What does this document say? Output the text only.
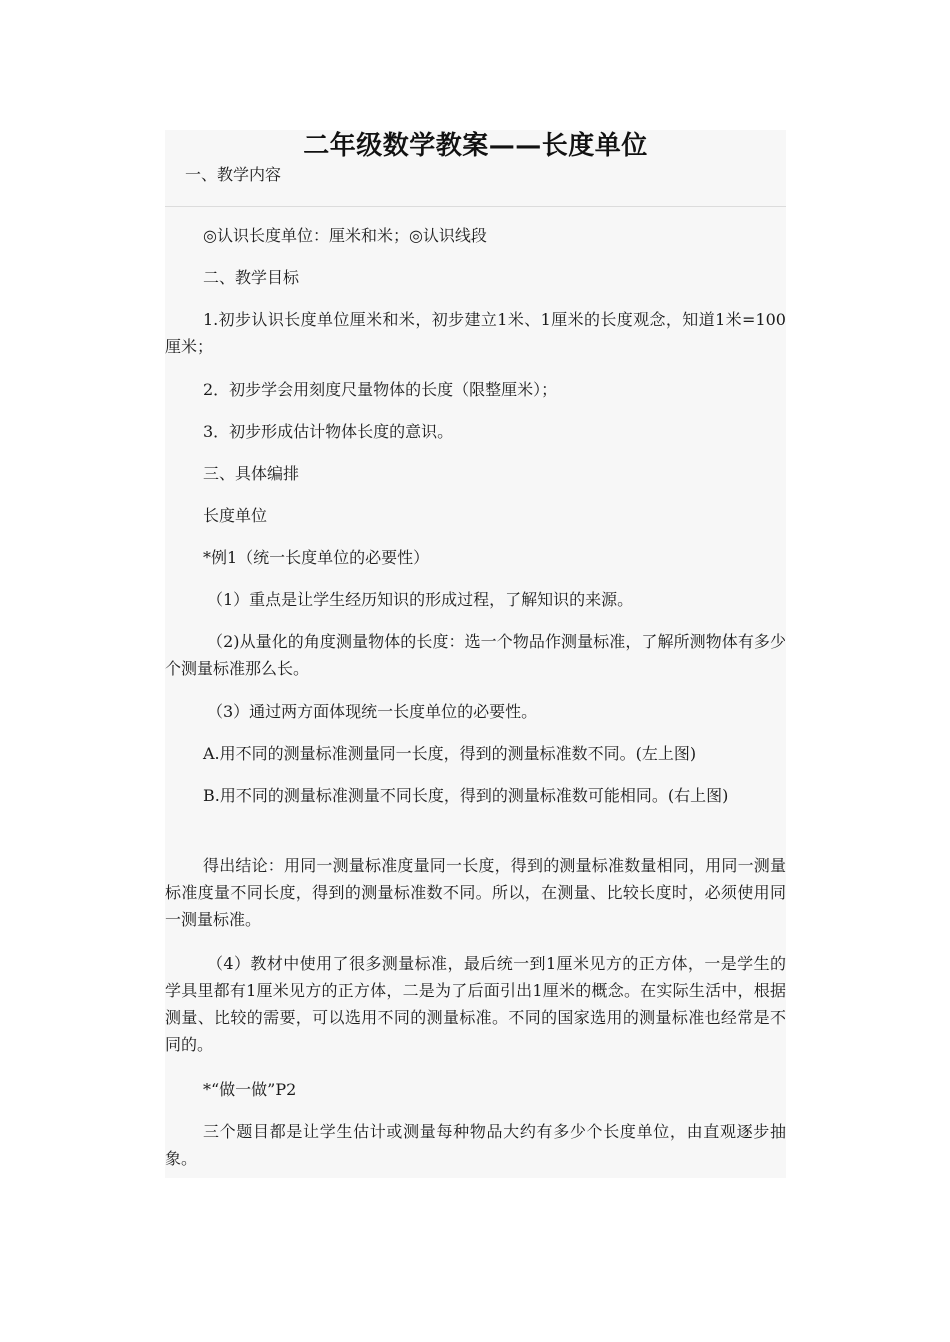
二年级数学教案——长度单位
一、教学内容

◎认识长度单位：厘米和米；◎认识线段

二、教学目标

1.初步认识长度单位厘米和米，初步建立1米、1厘米的长度观念，知道1米=100厘米；

2．初步学会用刻度尺量物体的长度（限整厘米）；

3．初步形成估计物体长度的意识。

三、具体编排

长度单位

*例1（统一长度单位的必要性）

（1）重点是让学生经历知识的形成过程，了解知识的来源。

（2)从量化的角度测量物体的长度：选一个物品作测量标准，了解所测物体有多少个测量标准那么长。

（3）通过两方面体现统一长度单位的必要性。

A.用不同的测量标准测量同一长度，得到的测量标准数不同。(左上图)

B.用不同的测量标准测量不同长度，得到的测量标准数可能相同。(右上图)

得出结论：用同一测量标准度量同一长度，得到的测量标准数量相同，用同一测量标准度量不同长度，得到的测量标准数不同。所以，在测量、比较长度时，必须使用同一测量标准。

（4）教材中使用了很多测量标准，最后统一到1厘米见方的正方体，一是学生的学具里都有1厘米见方的正方体，二是为了后面引出1厘米的概念。在实际生活中，根据测量、比较的需要，可以选用不同的测量标准。不同的国家选用的测量标准也经常是不同的。

*“做一做”P2

三个题目都是让学生估计或测量每种物品大约有多少个长度单位，由直观逐步抽象。
